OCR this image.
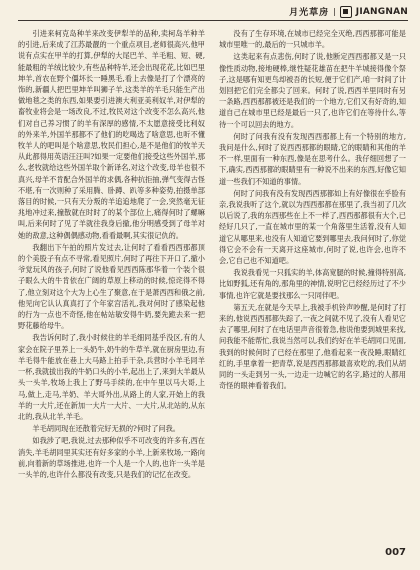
月光草房 | JIANGNAN

引进来柯克岛种羊来改变伊犁羊的品种,卖柯岛羊种羊的引进,后来成了江苏最靓的一个重点项目,老师很高兴,他甲说有点实在甲羊的打算,伊犁的大尾巴羊、羊毛粗、短、硬,能最粗的羊绒比较少,有些品种特羊,还会出现花花,比如巴里坤羊,首农在野个僵坏长一睡黑毛,看上去像是打了个漂亮的饰的,新疆人把巴里坤羊叫狮子羊,这类羊的羊毛只能生产出做地毯之类的东西,如果要引进澳大利亚美利奴羊,对伊犁的畜牧业将会是一场改良,不过,牧民对这个改变不怎么高兴,他们对自己养习惯了的羊有深厚的感情,不太愿意接受比利奴的外来羊,外国羊那都不了他们的吃喝选了啥意思,也听不懂牧羊人的吧叫是个啥意思,牧民们担心,是不是他们的牧羊天从此都得用英语汪汪叫?如果一定要他们接受这些外国羊,那么,老牧就给这些外国羊取个新译名,对这个改变,母羊也很不真兴,母羊不肯配合外国羊的求偶,各种抗拒抽,弹气变得古怪不堪,有一次则种了采用腾、卧蹲、趴等多种姿势,拍摄单部落目的时候,一只有天分叛的羊追追地爬了一会,突然毫无征兆地冲过来,撞散就在时时了的某个部位上,痛得何时了螺嘛叫,后来何时了见了羊就往我身后撤,他分明感受到了母羊对她的敌意,这种偶偶感动物,看看最啊,其实很记仇的。

我翻出下午拍的照片发过去,让何时了看看西西那都顶的个美股子有点不寻常,看见照片,何时了再往下开口了,撤小爷觉玩风的孩子,何时了说他看见西西陈那华着一个装个很子眼么大的牛肯依在广阔的草原上移动的时候,惊诧得不得了,他立刻对这个大为上心生了聚意,在于是萧西西和俄之前,他见向它认认真真打了个年家宫活礼,我对何时了感染起他的行为一点也不奇怪,他在帖站敏安得牛奶,要先跪去来一把野花藤给母牛。

我告诉何时了,我小时候住的羊毛细同基乎没区,有的人家会在院子里养上一头奶牛,奶牛的牛草羊,就在厨房里边,有羊毛得牛能放在巷上大马路上拍手干杂,兵营时小羊毛同羊一杯,我就拔出我的牛奶口头的小羊,起出上了,来到大羊最从头一头羊,牧场上我上了野马手续的,在中午里以马大哥,上马,做上,走马,羊奶、羊大哥外出,从路上的人家,开始上的我羊的一大片,还在新加一大片一大片、一大片,从北站的,从东北的,我从北羊,羊毛。

羊毛胡同现在还散着完好无损的?何时了问我。

如我涉了吧,我说,过去那种似乎不可改变的许多有,西在消失,羊毛胡同里其实还有好多家的小羊,上新来牧场,一路向前,向着新的草场推进,也许一个人是一个人的,也许一头羊是一头羊的,也许什么都没有改变,只是我们的记忆在改变。

没有了生存环境,在城市已经完全灭绝,西西那都可能是城市里唯一的,最后的一只城市羊。

这类起来有点悲伤,何时了说,他断定西西那都又是一只像性质动物,接地硬棒,继性疑花雄苗在把牛羊城接得像个祭子,这是哪有知更鸟却被吾的长短,便于它们产,咱一时间了计划回把它们完全都尖了回来。何时了说,西西羊里同时有另一条路,西西那都被还是我们的一个地方,它们又有好奇的,知道自己在城市里已经是最后一只了,也许它们在等待什么,等待一个可以回去的地方。

何时了问我有没有发现西西那都上有一个特别的地方,我问是什么,何时了说西西那都的眼睛,它的眼睛和其他的羊不一样,里面有一种东西,像是在思考什么。我仔细回想了一下,确实,西西那都的眼睛里有一种说不出来的东西,好像它知道一些我们不知道的事情。

何时了问我有没有发现西西那都如上有好像很在乎脸有亲,我说我听了这个,就以为西西那都在那里了,我当初了几次以后说了,我的东西那些在上不一样了,西西那都很有大个,已经好几只了,一直在城市里的某一个角落里生活着,没有人知道它从哪里来,也没有人知道它要到哪里去,我问何时了,你觉得它会不会有一天离开这座城市,何时了说,也许会,也许不会,它自己也不知道吧。

我说我看见一只狐实的羊,体高宽腿的时候,撞得特别高,比如野狐,还有角的,那角里的神情,说明它已经经历过了不少事情,也许它就是要找那么一只同伴吧。

第五天,在就是今天早上,我被手机铃声吵醒,是何时了打来的,他说西西那都失踪了,一夜之间就不见了,没有人看见它去了哪里,何时了在电话里声音很着急,他说他要到城里来找,问我能不能帮忙,我说当然可以,我们约好在羊毛胡同口见面,我到的时候何时了已经在那里了,他看起来一夜没睡,眼睛红红的,手里拿着一把青草,说是西西那都最喜欢吃的,我们从胡同的一头走到另一头,一边走一边喊它的名字,路过的人都用奇怪的眼神看着我们。

007
